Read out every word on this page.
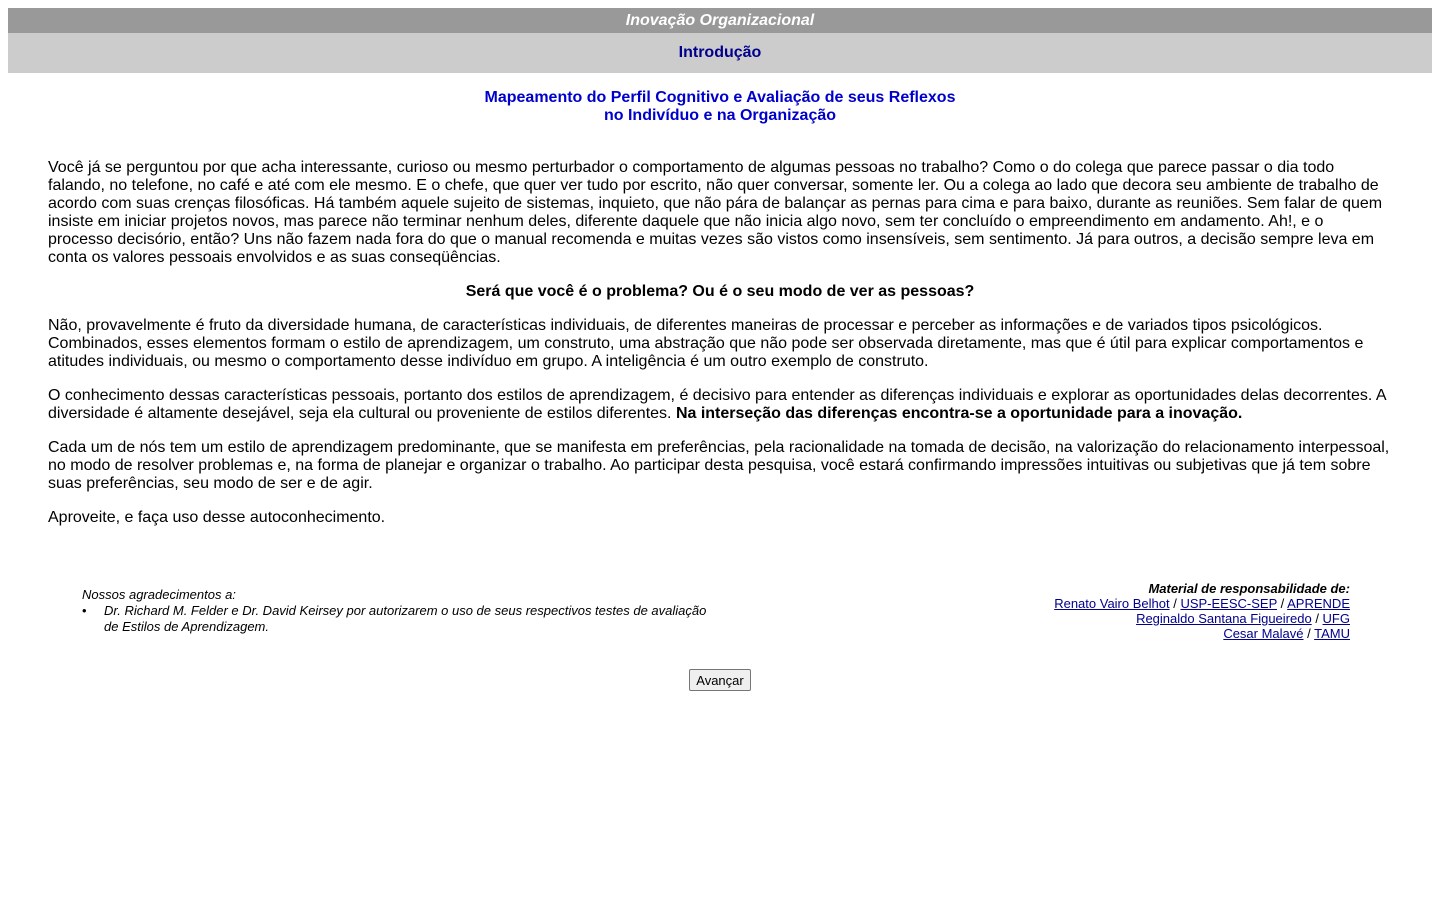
Inovação Organizacional
Introdução
Mapeamento do Perfil Cognitivo e Avaliação de seus Reflexos
no Indivíduo e na Organização

Você já se perguntou por que acha interessante, curioso ou mesmo perturbador o comportamento de algumas pessoas no trabalho? Como o do colega que parece passar o dia todo falando, no telefone, no café e até com ele mesmo. E o chefe, que quer ver tudo por escrito, não quer conversar, somente ler. Ou a colega ao lado que decora seu ambiente de trabalho de acordo com suas crenças filosóficas. Há também aquele sujeito de sistemas, inquieto, que não pára de balançar as pernas para cima e para baixo, durante as reuniões. Sem falar de quem insiste em iniciar projetos novos, mas parece não terminar nenhum deles, diferente daquele que não inicia algo novo, sem ter concluído o empreendimento em andamento. Ah!, e o processo decisório, então? Uns não fazem nada fora do que o manual recomenda e muitas vezes são vistos como insensíveis, sem sentimento. Já para outros, a decisão sempre leva em conta os valores pessoais envolvidos e as suas conseqüências.

Será que você é o problema? Ou é o seu modo de ver as pessoas?

Não, provavelmente é fruto da diversidade humana, de características individuais, de diferentes maneiras de processar e perceber as informações e de variados tipos psicológicos. Combinados, esses elementos formam o estilo de aprendizagem, um construto, uma abstração que não pode ser observada diretamente, mas que é útil para explicar comportamentos e atitudes individuais, ou mesmo o comportamento desse indivíduo em grupo. A inteligência é um outro exemplo de construto.

O conhecimento dessas características pessoais, portanto dos estilos de aprendizagem, é decisivo para entender as diferenças individuais e explorar as oportunidades delas decorrentes. A diversidade é altamente desejável, seja ela cultural ou proveniente de estilos diferentes. Na interseção das diferenças encontra-se a oportunidade para a inovação.

Cada um de nós tem um estilo de aprendizagem predominante, que se manifesta em preferências, pela racionalidade na tomada de decisão, na valorização do relacionamento interpessoal, no modo de resolver problemas e, na forma de planejar e organizar o trabalho. Ao participar desta pesquisa, você estará confirmando impressões intuitivas ou subjetivas que já tem sobre suas preferências, seu modo de ser e de agir.

Aproveite, e faça uso desse autoconhecimento.

Nossos agradecimentos a:
• Dr. Richard M. Felder e Dr. David Keirsey por autorizarem o uso de seus respectivos testes de avaliação de Estilos de Aprendizagem.
Material de responsabilidade de:
Renato Vairo Belhot / USP-EESC-SEP / APRENDE
Reginaldo Santana Figueiredo / UFG
Cesar Malavé / TAMU
Avançar
